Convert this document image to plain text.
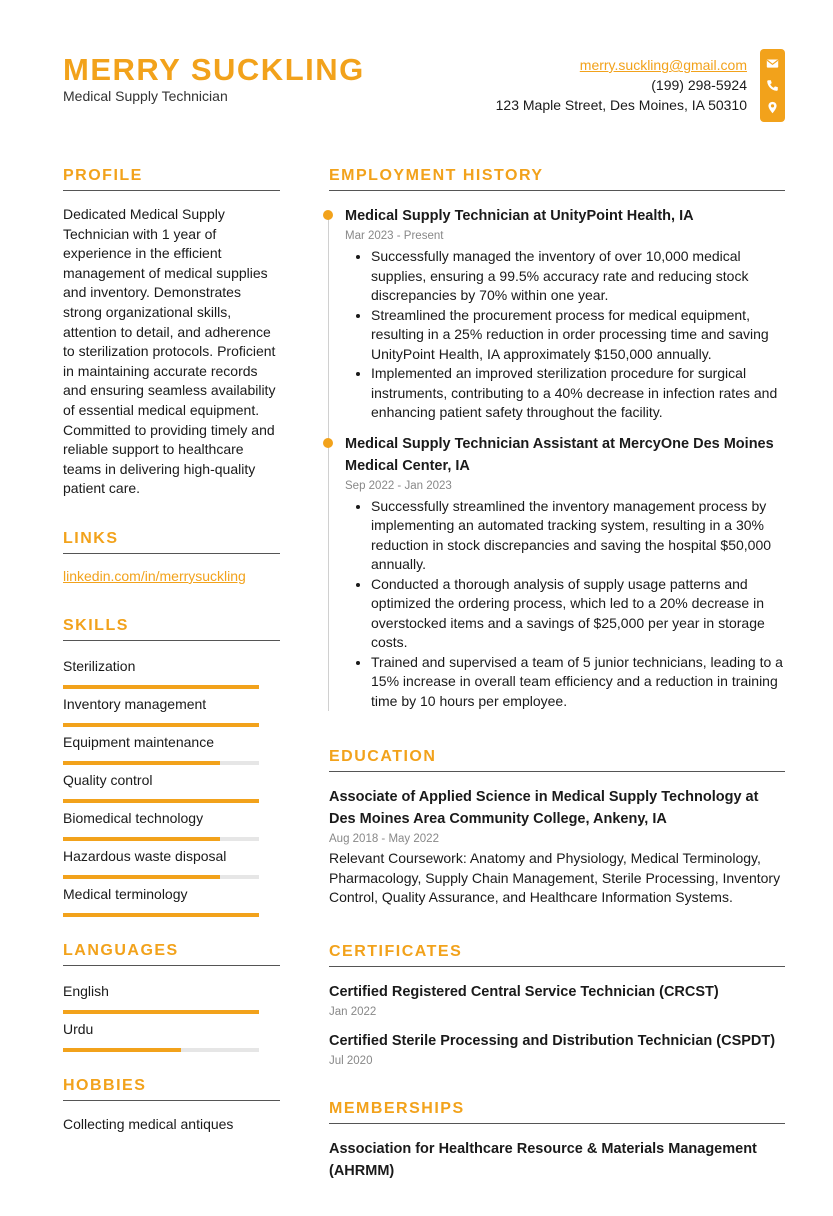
MERRY SUCKLING
Medical Supply Technician
merry.suckling@gmail.com
(199) 298-5924
123 Maple Street, Des Moines, IA 50310
PROFILE

Dedicated Medical Supply Technician with 1 year of experience in the efficient management of medical supplies and inventory. Demonstrates strong organizational skills, attention to detail, and adherence to sterilization protocols. Proficient in maintaining accurate records and ensuring seamless availability of essential medical equipment. Committed to providing timely and reliable support to healthcare teams in delivering high-quality patient care.

LINKS
linkedin.com/in/merrysuckling
SKILLS
Sterilization
Inventory management
Equipment maintenance
Quality control
Biomedical technology
Hazardous waste disposal
Medical terminology
LANGUAGES
English
Urdu
HOBBIES
Collecting medical antiques
EMPLOYMENT HISTORY
Medical Supply Technician at UnityPoint Health, IA
Mar 2023 - Present
• Successfully managed the inventory of over 10,000 medical supplies, ensuring a 99.5% accuracy rate and reducing stock discrepancies by 70% within one year.
• Streamlined the procurement process for medical equipment, resulting in a 25% reduction in order processing time and saving UnityPoint Health, IA approximately $150,000 annually.
• Implemented an improved sterilization procedure for surgical instruments, contributing to a 40% decrease in infection rates and enhancing patient safety throughout the facility.
Medical Supply Technician Assistant at MercyOne Des Moines Medical Center, IA
Sep 2022 - Jan 2023
• Successfully streamlined the inventory management process by implementing an automated tracking system, resulting in a 30% reduction in stock discrepancies and saving the hospital $50,000 annually.
• Conducted a thorough analysis of supply usage patterns and optimized the ordering process, which led to a 20% decrease in overstocked items and a savings of $25,000 per year in storage costs.
• Trained and supervised a team of 5 junior technicians, leading to a 15% increase in overall team efficiency and a reduction in training time by 10 hours per employee.
EDUCATION
Associate of Applied Science in Medical Supply Technology at Des Moines Area Community College, Ankeny, IA
Aug 2018 - May 2022
Relevant Coursework: Anatomy and Physiology, Medical Terminology, Pharmacology, Supply Chain Management, Sterile Processing, Inventory Control, Quality Assurance, and Healthcare Information Systems.
CERTIFICATES
Certified Registered Central Service Technician (CRCST)
Jan 2022
Certified Sterile Processing and Distribution Technician (CSPDT)
Jul 2020
MEMBERSHIPS
Association for Healthcare Resource & Materials Management (AHRMM)
